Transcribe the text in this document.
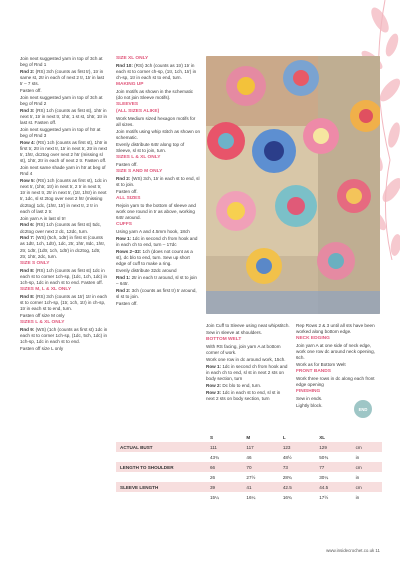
Join next suggested yarn in top of 3ch at beg of Rnd 1

Rnd 2: (RS) 3ch (counts as first tr), 1tr in same st, 2tr in each of next 2 tr, 1tr in last tr – 7 sts.

Fasten off.

Join next suggested yarn in top of 3ch at beg of Rnd 2

Rnd 3: (RS) 1ch (counts as first st), 1htr in next tr, 1tr in next tr, 1htr, 1 st st, 1htr, 1tr in last st. Fasten off.

Join next suggested yarn in top of htr at beg of Rnd 3

Row 4: (RS) 1ch (counts as first st), 1htr in first tr, 2tr in next tr, 1tr in next tr, 2tr in next tr, 1htr, dc2tog over next 2 htr (missing sl st), 1htr, 2tr in each of next 2 tr. Fasten off.

Join next same shade yarn in htr at beg of Rnd 4

Row 5: (RS) 1ch (counts as first st), 1dc in next tr, (1htr, 1tr) in next tr, 2 tr in next tr, 1tr in next tr, 2tr in next tr, (1tr, 1htr) in next tr, 1dc, sl st 2tog over next 2 htr (missing dc2tog) 1dc, (1htr, 1tr) in next tr, 2 tr in each of last 2 tr.

Join yarn A in last sl tr!

Rnd 6: (RS) 1ch (counts as first st) 5dc, dc2tog over next 2 dc, 12dc, turn.

Rnd 7: (WS) (5ch, 1dtr) in first st (counts as 1dtr, 1ch, 1dtr), 1dc, 2tr, 1htr, 8dc, 1htr, 2tr, 1dtr, (1dtr, 1ch, 1dtr) in dc2tog, 1dtr, 2tr, 1htr, 2dc, turn.

SIZE S ONLY

Rnd 8: (RS) 1ch (counts as first st) 1dc in each st to corner 1ch-sp, (1dc, 1ch, 1dc) in 1ch-sp, 1dc in each st to end. Fasten off.

SIZES M, L & XL ONLY

Rnd 8: (RS) 3ch (counts as 1tr) 1tr in each st to corner 1ch-sp, (1tr, 1ch, 1tr) in ch-sp, 1tr in each st to end, turn.

Fasten off size M only

SIZES L & XL ONLY

Rnd 9: (WS) (1ch (counts as first st) 1dc in each st to corner 1ch-sp, (1dc, 5ch, 1dc) in 1ch-sp, 1dc in each st to end.

Fasten off size L only

SIZE XL ONLY

Rnd 10: (RS) 3ch (counts as 1tr) 1tr in each st to corner ch-sp, (1tr, 1ch, 1tr) in ch-sp, 1tr in each st to end, turn.

MAKING UP

Join motifs as shown in the schematic (do not join Sleeve motifs).

SLEEVES

(ALL SIZES ALIKE)

Work Medium sized hexagon motifs for all sizes.

Join motifs using whip stitch as shown on schematic.

Evenly distribute 64tr along top of Sleeve, sl st to join, turn.

SIZES L & XL ONLY

Fasten off.

SIZE S AND M ONLY

Rnd 2: (WS) 3ch, 1tr in each st to end, sl st to join.

Fasten off.

ALL SIZES

Rejoin yarn to the bottom of sleeve and work one round in tr as above, working 64tr around.

CUFFS

Using yarn A and 4.5mm hook, 18ch

Row 1: 1dc in second ch from hook and in each ch to end, turn – 17dc

Rows 2–32: 1ch (does not count as a st), dc blo to end, turn. Sew up short edge of cuff to make a ring.

Evenly distribute 32dc around

Rnd 1: 2tr in each tr around, sl st to join – 64tr.

Rnd 2: 3ch (counts as first tr) tr around, sl st to join.

Fasten off.

Join Cuff to Sleeve using neat whipstitch.

Sew in sleeve at shoulders.

BOTTOM WELT

With RS facing, join yarn A at bottom corner of work.

Work one row in dc around work, 15ch.

Row 1: 1dc in second ch from hook and in each ch to end, sl st in next 2 sts on body section, turn

Row 2: Dc blo to end, turn.

Row 3: 1dc in each st to end, sl st in next 2 sts on body section, turn

Rep Rows 2 & 3 until all sts have been worked along bottom edge.

NECK EDGING

Join yarn A at one side of neck edge, work one row dc around neck opening, 6ch.

Work as for Bottom Welt

FRONT BANDS

Work three rows in dc along each front edge opening

FINISHING

Sew in ends.

Lightly block.

END
	S	M	L	XL	
ACTUAL BUST	111	117	123	129	cm
	43¾	46	48½	50¾	in
LENGTH TO SHOULDER	66	70	73	77	cm
	26	27½	28¾	30¼	in
SLEEVE LENGTH	39	41	42.5	44.5	cm
	15¼	16¼	16¾	17½	in
www.insidecrochet.co.uk 11
